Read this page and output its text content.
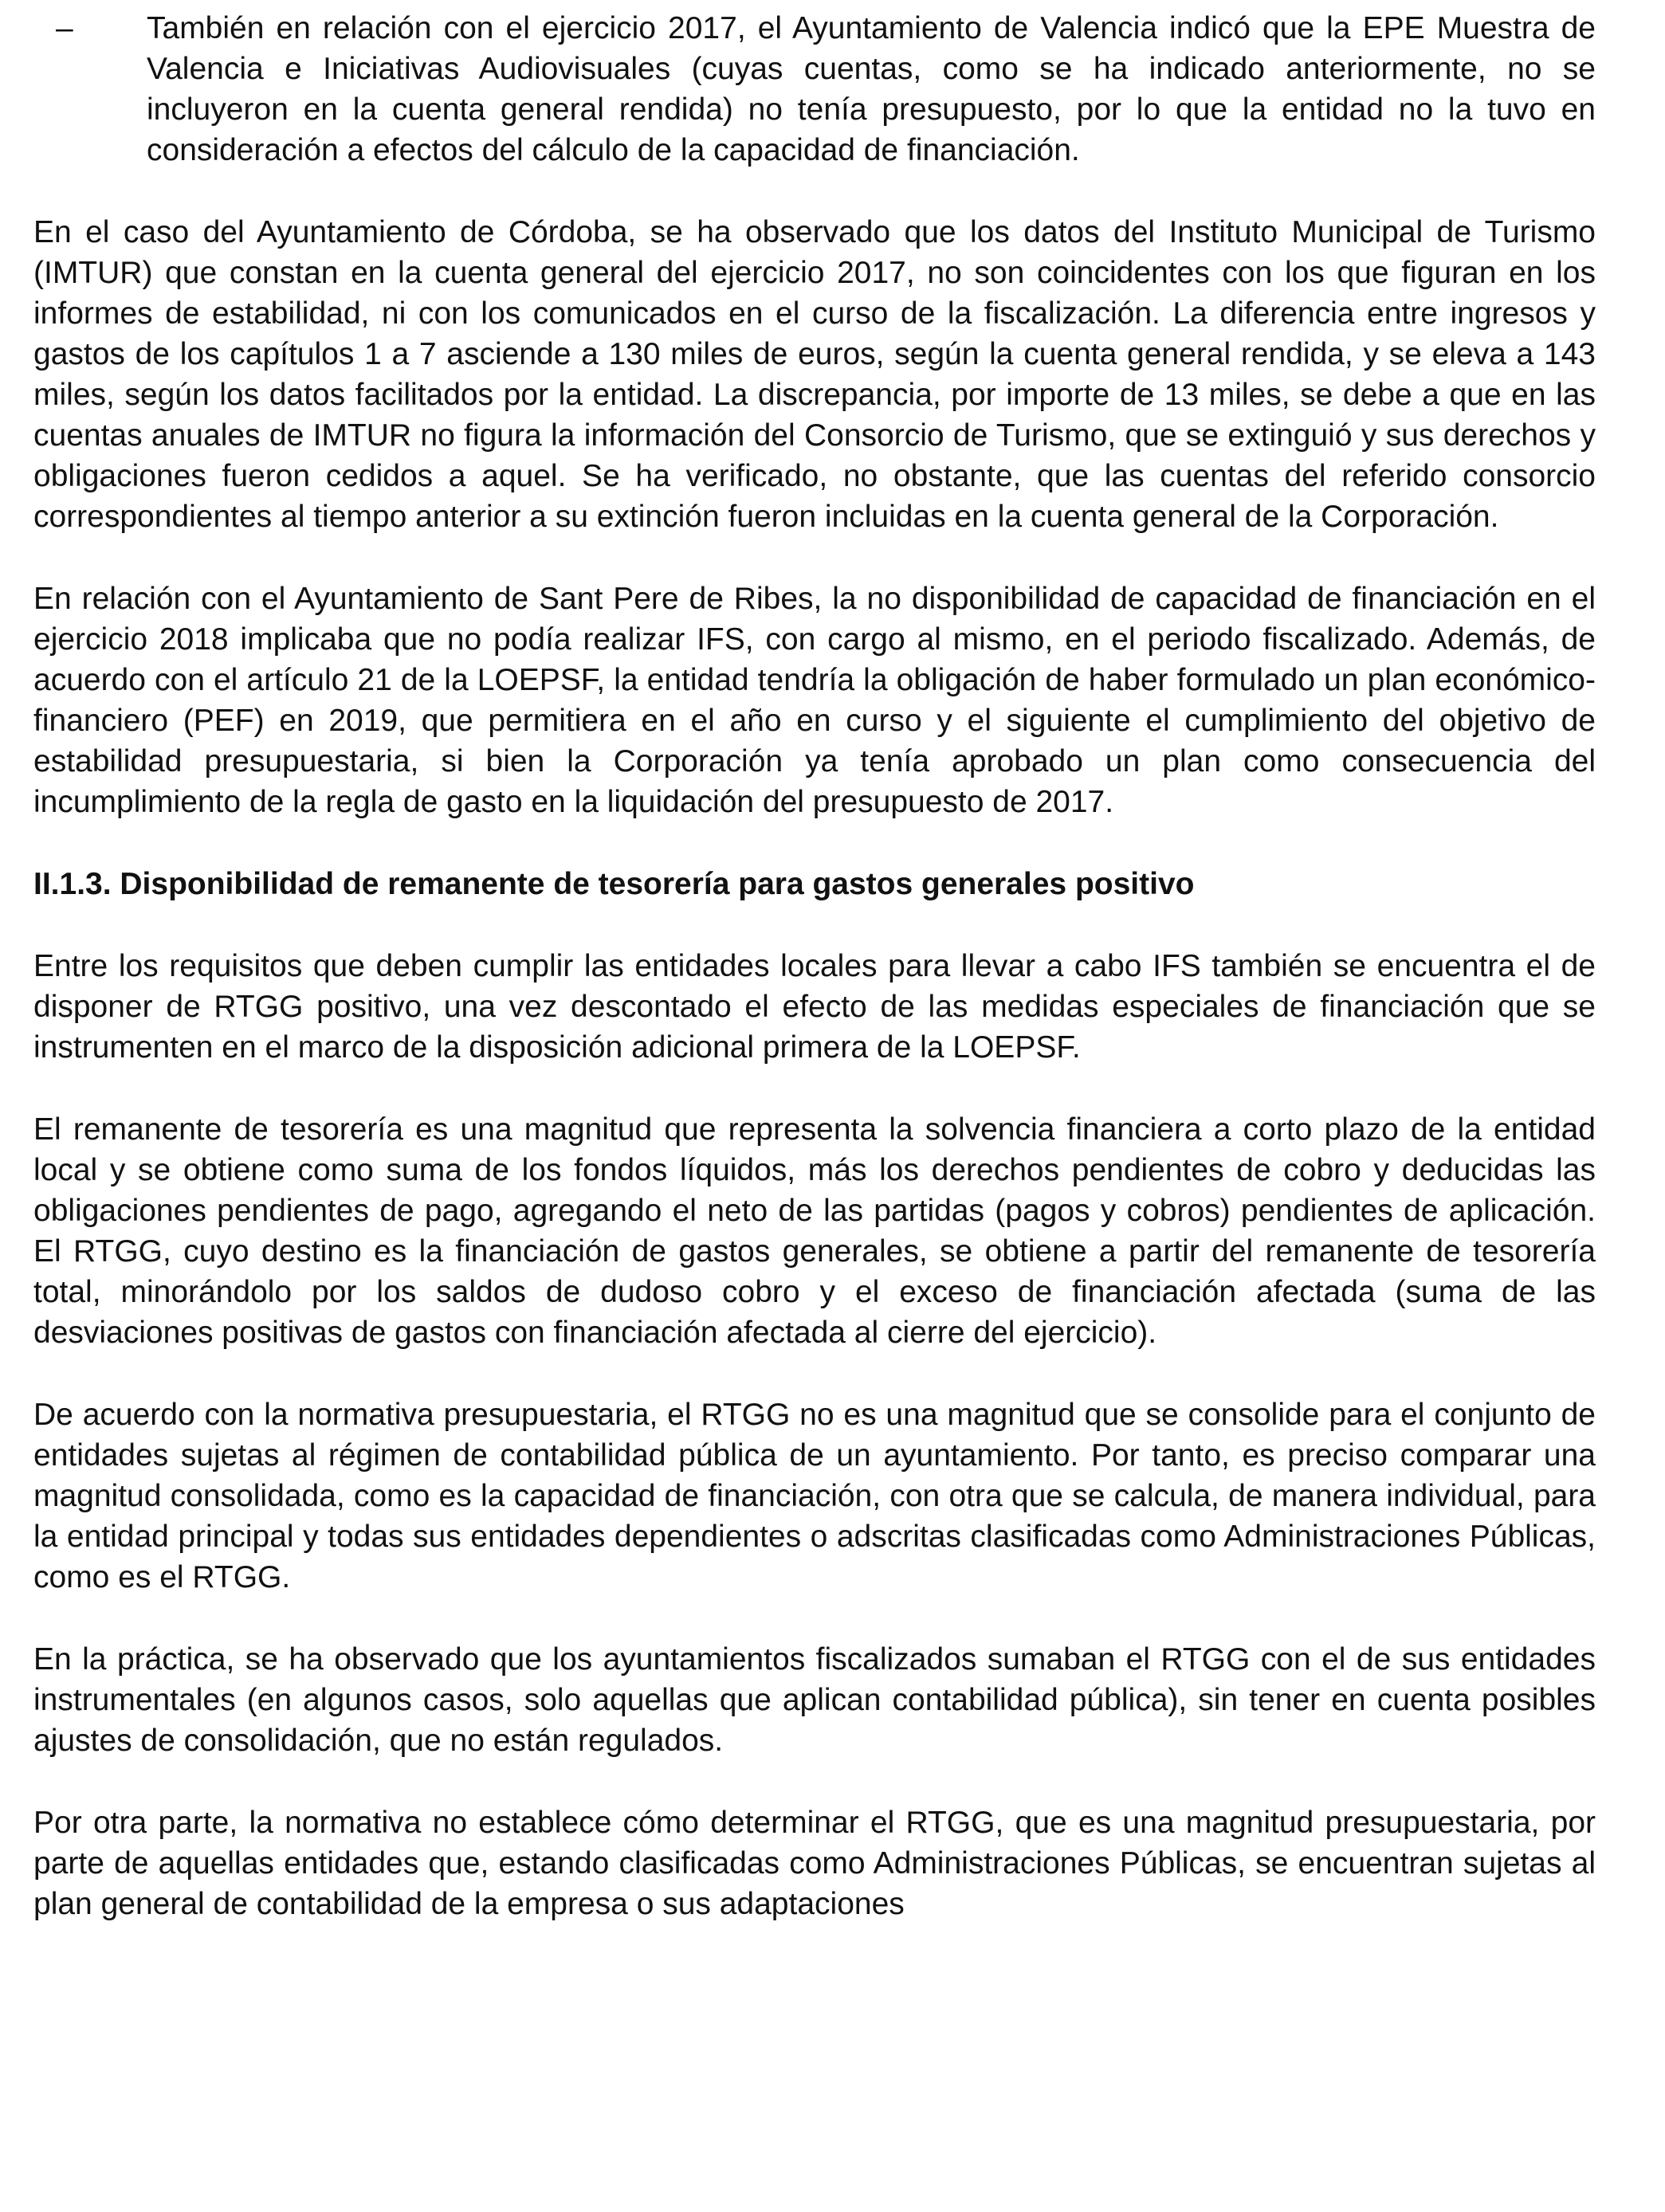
–	También en relación con el ejercicio 2017, el Ayuntamiento de Valencia indicó que la EPE Muestra de Valencia e Iniciativas Audiovisuales (cuyas cuentas, como se ha indicado anteriormente, no se incluyeron en la cuenta general rendida) no tenía presupuesto, por lo que la entidad no la tuvo en consideración a efectos del cálculo de la capacidad de financiación.

En el caso del Ayuntamiento de Córdoba, se ha observado que los datos del Instituto Municipal de Turismo (IMTUR) que constan en la cuenta general del ejercicio 2017, no son coincidentes con los que figuran en los informes de estabilidad, ni con los comunicados en el curso de la fiscalización. La diferencia entre ingresos y gastos de los capítulos 1 a 7 asciende a 130 miles de euros, según la cuenta general rendida, y se eleva a 143 miles, según los datos facilitados por la entidad. La discrepancia, por importe de 13 miles, se debe a que en las cuentas anuales de IMTUR no figura la información del Consorcio de Turismo, que se extinguió y sus derechos y obligaciones fueron cedidos a aquel. Se ha verificado, no obstante, que las cuentas del referido consorcio correspondientes al tiempo anterior a su extinción fueron incluidas en la cuenta general de la Corporación.

En relación con el Ayuntamiento de Sant Pere de Ribes, la no disponibilidad de capacidad de financiación en el ejercicio 2018 implicaba que no podía realizar IFS, con cargo al mismo, en el periodo fiscalizado. Además, de acuerdo con el artículo 21 de la LOEPSF, la entidad tendría la obligación de haber formulado un plan económico-financiero (PEF) en 2019, que permitiera en el año en curso y el siguiente el cumplimiento del objetivo de estabilidad presupuestaria, si bien la Corporación ya tenía aprobado un plan como consecuencia del incumplimiento de la regla de gasto en la liquidación del presupuesto de 2017.

II.1.3. Disponibilidad de remanente de tesorería para gastos generales positivo

Entre los requisitos que deben cumplir las entidades locales para llevar a cabo IFS también se encuentra el de disponer de RTGG positivo, una vez descontado el efecto de las medidas especiales de financiación que se instrumenten en el marco de la disposición adicional primera de la LOEPSF.

El remanente de tesorería es una magnitud que representa la solvencia financiera a corto plazo de la entidad local y se obtiene como suma de los fondos líquidos, más los derechos pendientes de cobro y deducidas las obligaciones pendientes de pago, agregando el neto de las partidas (pagos y cobros) pendientes de aplicación. El RTGG, cuyo destino es la financiación de gastos generales, se obtiene a partir del remanente de tesorería total, minorándolo por los saldos de dudoso cobro y el exceso de financiación afectada (suma de las desviaciones positivas de gastos con financiación afectada al cierre del ejercicio).

De acuerdo con la normativa presupuestaria, el RTGG no es una magnitud que se consolide para el conjunto de entidades sujetas al régimen de contabilidad pública de un ayuntamiento. Por tanto, es preciso comparar una magnitud consolidada, como es la capacidad de financiación, con otra que se calcula, de manera individual, para la entidad principal y todas sus entidades dependientes o adscritas clasificadas como Administraciones Públicas, como es el RTGG.

En la práctica, se ha observado que los ayuntamientos fiscalizados sumaban el RTGG con el de sus entidades instrumentales (en algunos casos, solo aquellas que aplican contabilidad pública), sin tener en cuenta posibles ajustes de consolidación, que no están regulados.

Por otra parte, la normativa no establece cómo determinar el RTGG, que es una magnitud presupuestaria, por parte de aquellas entidades que, estando clasificadas como Administraciones Públicas, se encuentran sujetas al plan general de contabilidad de la empresa o sus adaptaciones
